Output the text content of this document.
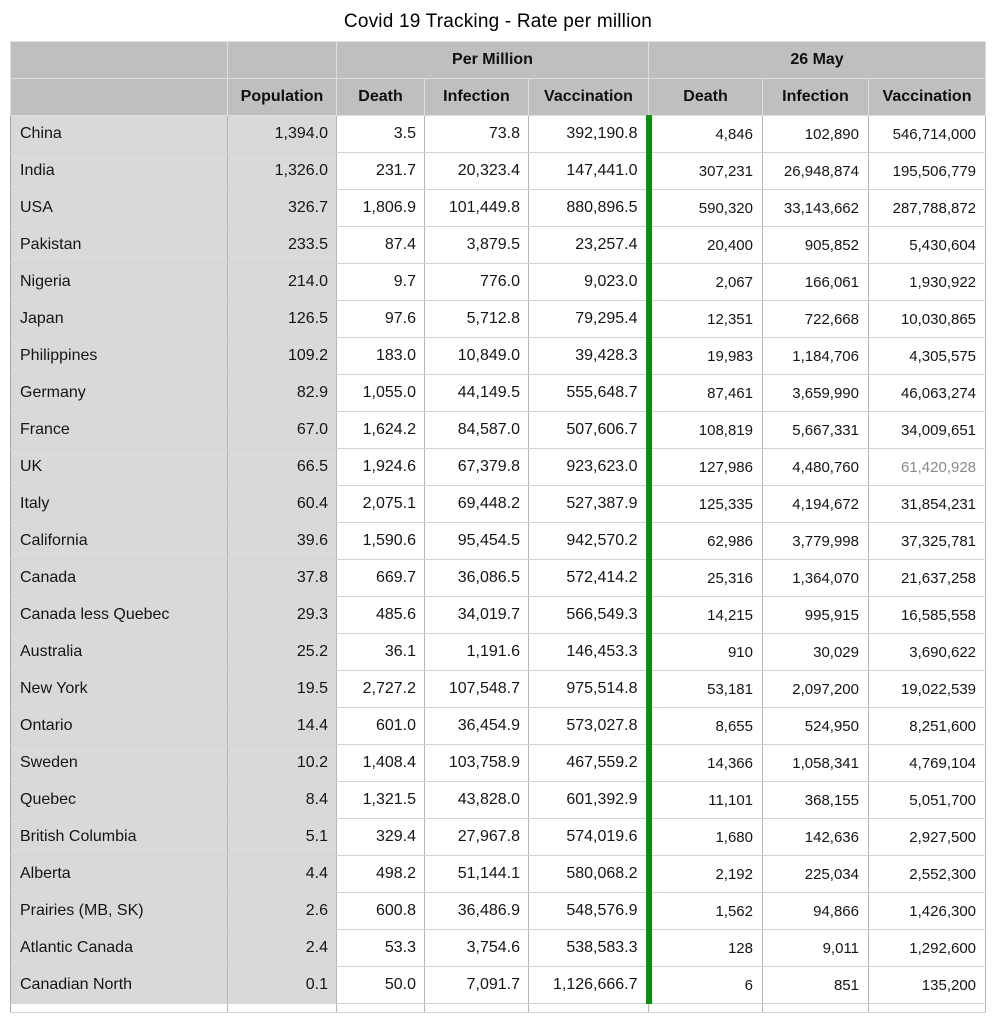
Covid 19 Tracking - Rate per million
		Per Million			26 May		
	Population	Death	Infection	Vaccination	Death	Infection	Vaccination
China	1,394.0	3.5	73.8	392,190.8	4,846	102,890	546,714,000
India	1,326.0	231.7	20,323.4	147,441.0	307,231	26,948,874	195,506,779
USA	326.7	1,806.9	101,449.8	880,896.5	590,320	33,143,662	287,788,872
Pakistan	233.5	87.4	3,879.5	23,257.4	20,400	905,852	5,430,604
Nigeria	214.0	9.7	776.0	9,023.0	2,067	166,061	1,930,922
Japan	126.5	97.6	5,712.8	79,295.4	12,351	722,668	10,030,865
Philippines	109.2	183.0	10,849.0	39,428.3	19,983	1,184,706	4,305,575
Germany	82.9	1,055.0	44,149.5	555,648.7	87,461	3,659,990	46,063,274
France	67.0	1,624.2	84,587.0	507,606.7	108,819	5,667,331	34,009,651
UK	66.5	1,924.6	67,379.8	923,623.0	127,986	4,480,760	61,420,928
Italy	60.4	2,075.1	69,448.2	527,387.9	125,335	4,194,672	31,854,231
California	39.6	1,590.6	95,454.5	942,570.2	62,986	3,779,998	37,325,781
Canada	37.8	669.7	36,086.5	572,414.2	25,316	1,364,070	21,637,258
Canada less Quebec	29.3	485.6	34,019.7	566,549.3	14,215	995,915	16,585,558
Australia	25.2	36.1	1,191.6	146,453.3	910	30,029	3,690,622
New York	19.5	2,727.2	107,548.7	975,514.8	53,181	2,097,200	19,022,539
Ontario	14.4	601.0	36,454.9	573,027.8	8,655	524,950	8,251,600
Sweden	10.2	1,408.4	103,758.9	467,559.2	14,366	1,058,341	4,769,104
Quebec	8.4	1,321.5	43,828.0	601,392.9	11,101	368,155	5,051,700
British Columbia	5.1	329.4	27,967.8	574,019.6	1,680	142,636	2,927,500
Alberta	4.4	498.2	51,144.1	580,068.2	2,192	225,034	2,552,300
Prairies (MB, SK)	2.6	600.8	36,486.9	548,576.9	1,562	94,866	1,426,300
Atlantic Canada	2.4	53.3	3,754.6	538,583.3	128	9,011	1,292,600
Canadian North	0.1	50.0	7,091.7	1,126,666.7	6	851	135,200
